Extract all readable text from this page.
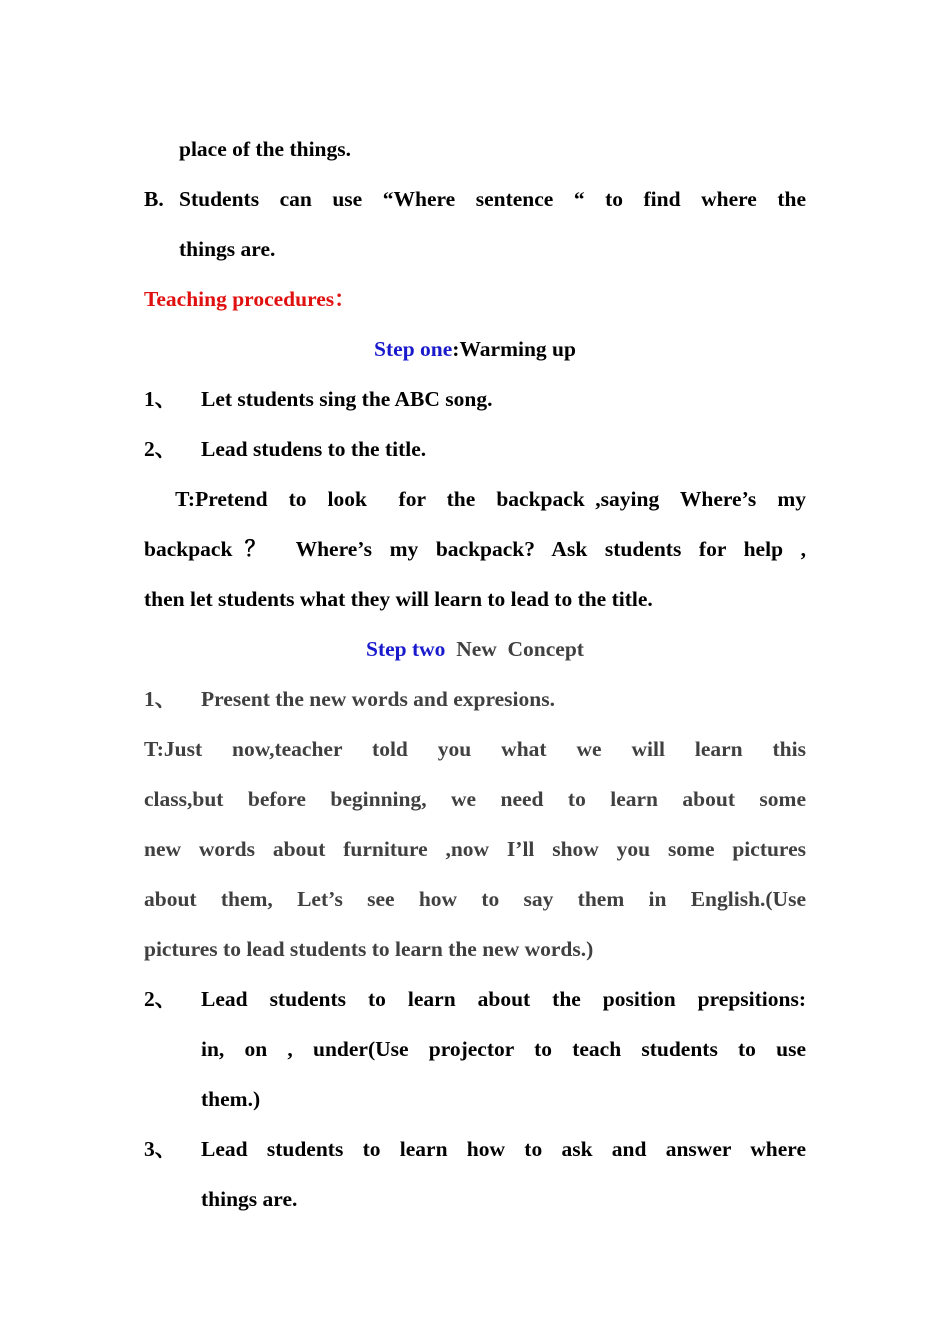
place of the things.
B. Students can use “Where sentence “ to find where the
things are.
Teaching procedures：
Step one:Warming up
1、 Let students sing the ABC song.
2、 Lead studens to the title.
T:Pretend  to  look   for  the  backpack ,saying  Where’s  my
backpack？ Where’s my backpack? Ask students for help ,
then let students what they will learn to lead to the title.
Step two  New  Concept
1、 Present the new words and expresions.
T:Just now,teacher told you what we will learn this
class,but before beginning, we need to learn about some
new words about furniture ,now I’ll show you some pictures
about them, Let’s see how to say them in English.(Use
pictures to lead students to learn the new words.)
2、 Lead students to learn about the position prepsitions:
in, on , under(Use projector to teach students to use
them.)
3、 Lead students to learn how to ask and answer where
things are.
